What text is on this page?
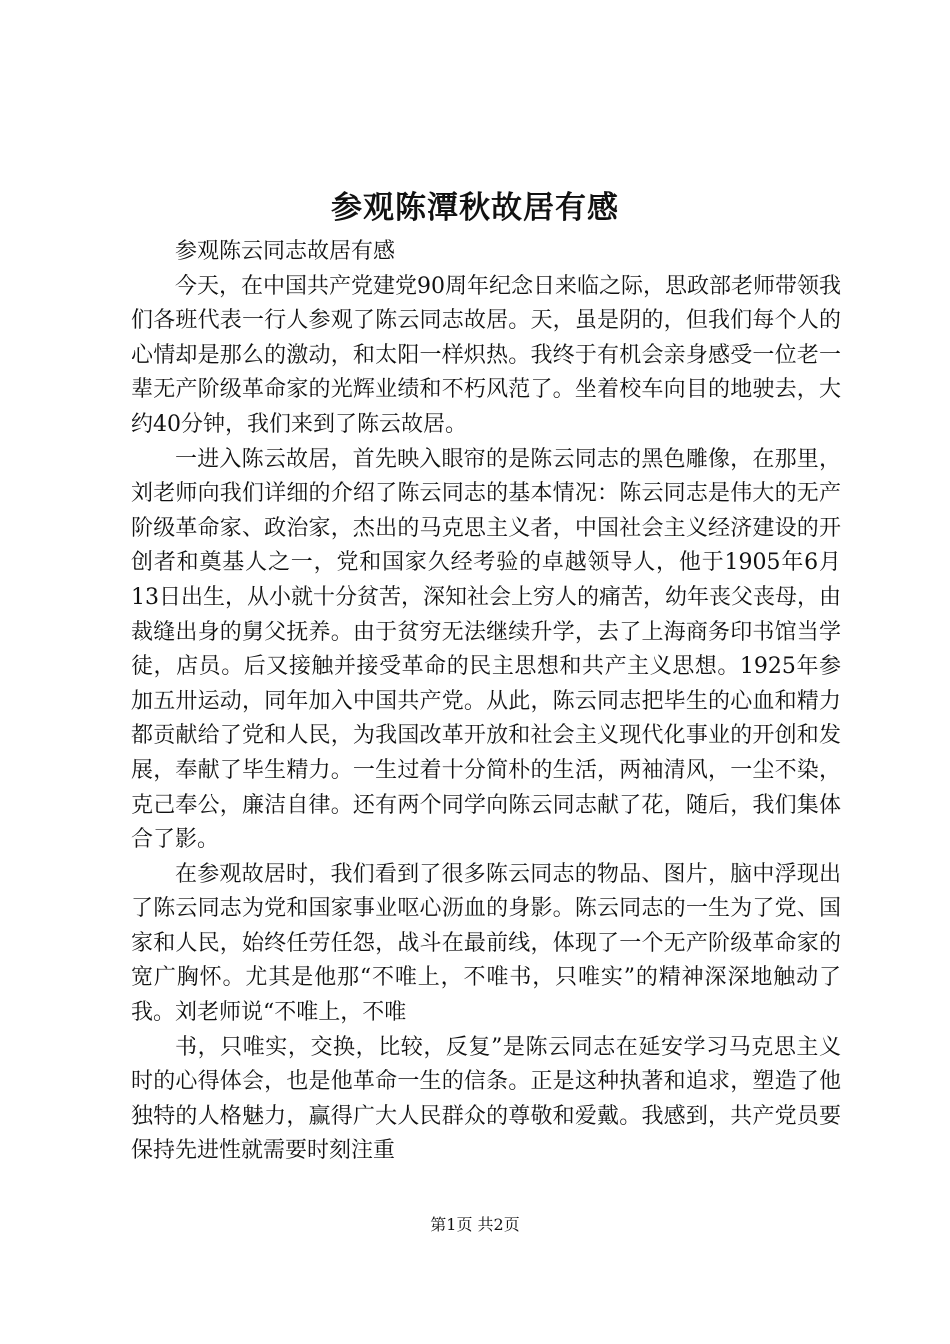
参观陈潭秋故居有感

参观陈云同志故居有感

今天，在中国共产党建党90周年纪念日来临之际，思政部老师带领我们各班代表一行人参观了陈云同志故居。天，虽是阴的，但我们每个人的心情却是那么的激动，和太阳一样炽热。我终于有机会亲身感受一位老一辈无产阶级革命家的光辉业绩和不朽风范了。坐着校车向目的地驶去，大约40分钟，我们来到了陈云故居。

一进入陈云故居，首先映入眼帘的是陈云同志的黑色雕像，在那里，刘老师向我们详细的介绍了陈云同志的基本情况：陈云同志是伟大的无产阶级革命家、政治家，杰出的马克思主义者，中国社会主义经济建设的开创者和奠基人之一，党和国家久经考验的卓越领导人，他于1905年6月13日出生，从小就十分贫苦，深知社会上穷人的痛苦，幼年丧父丧母，由裁缝出身的舅父抚养。由于贫穷无法继续升学，去了上海商务印书馆当学徒，店员。后又接触并接受革命的民主思想和共产主义思想。1925年参加五卅运动，同年加入中国共产党。从此，陈云同志把毕生的心血和精力都贡献给了党和人民，为我国改革开放和社会主义现代化事业的开创和发展，奉献了毕生精力。一生过着十分简朴的生活，两袖清风，一尘不染，克己奉公，廉洁自律。还有两个同学向陈云同志献了花，随后，我们集体合了影。

在参观故居时，我们看到了很多陈云同志的物品、图片，脑中浮现出了陈云同志为党和国家事业呕心沥血的身影。陈云同志的一生为了党、国家和人民，始终任劳任怨，战斗在最前线，体现了一个无产阶级革命家的宽广胸怀。尤其是他那“不唯上，不唯书，只唯实”的精神深深地触动了我。刘老师说“不唯上，不唯

书，只唯实，交换，比较，反复”是陈云同志在延安学习马克思主义时的心得体会，也是他革命一生的信条。正是这种执著和追求，塑造了他独特的人格魅力，赢得广大人民群众的尊敬和爱戴。我感到，共产党员要保持先进性就需要时刻注重

第1页 共2页
